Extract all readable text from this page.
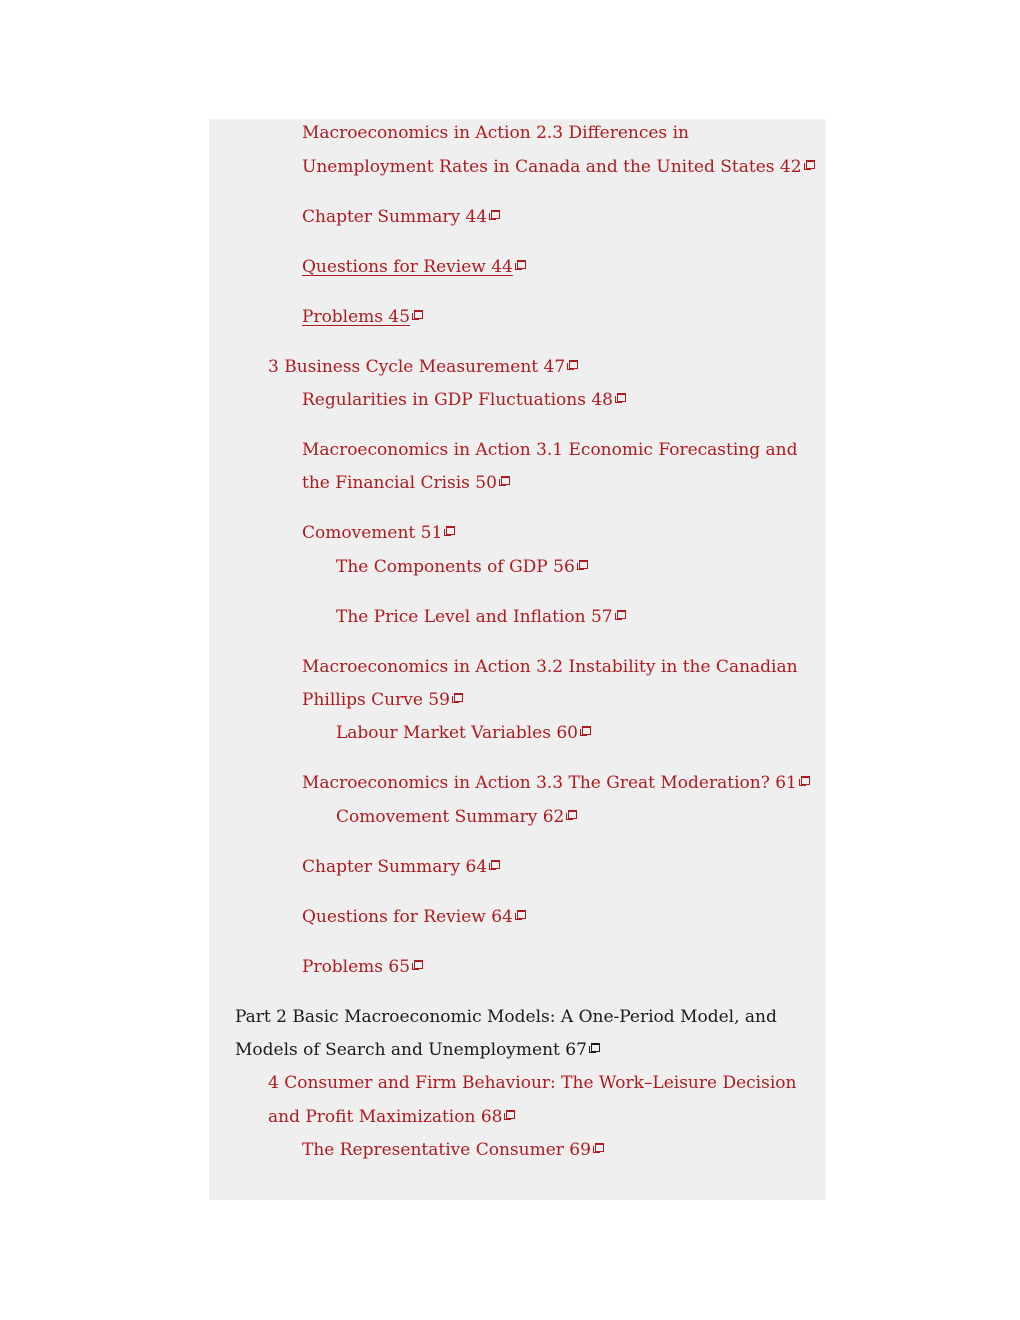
Macroeconomics in Action 2.3 Differences in

Unemployment Rates in Canada and the United States 42

Chapter Summary 44

Questions for Review 44

Problems 45

3 Business Cycle Measurement 47

Regularities in GDP Fluctuations 48

Macroeconomics in Action 3.1 Economic Forecasting and

the Financial Crisis 50

Comovement 51

The Components of GDP 56

The Price Level and Inflation 57

Macroeconomics in Action 3.2 Instability in the Canadian

Phillips Curve 59

Labour Market Variables 60

Macroeconomics in Action 3.3 The Great Moderation? 61

Comovement Summary 62

Chapter Summary 64

Questions for Review 64

Problems 65

Part 2 Basic Macroeconomic Models: A One-Period Model, and

Models of Search and Unemployment 67

4 Consumer and Firm Behaviour: The Work–Leisure Decision

and Profit Maximization 68

The Representative Consumer 69
